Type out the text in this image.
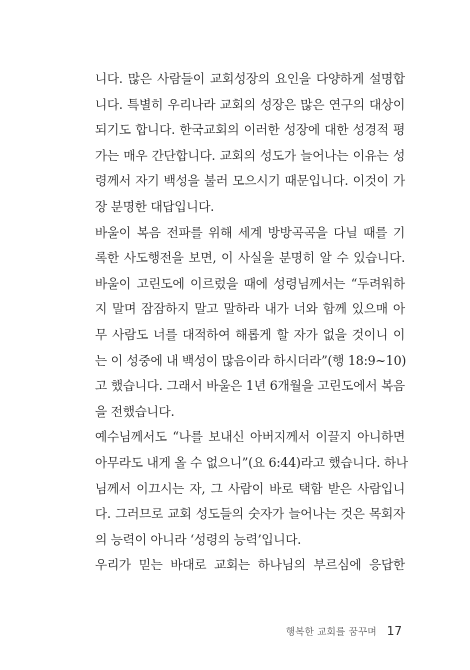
니다. 많은 사람들이 교회성장의 요인을 다양하게 설명합
니다. 특별히 우리나라 교회의 성장은 많은 연구의 대상이
되기도 합니다. 한국교회의 이러한 성장에 대한 성경적 평
가는 매우 간단합니다. 교회의 성도가 늘어나는 이유는 성
령께서 자기 백성을 불러 모으시기 때문입니다. 이것이 가
장 분명한 대답입니다.
바울이 복음 전파를 위해 세계 방방곡곡을 다닐 때를 기
록한 사도행전을 보면, 이 사실을 분명히 알 수 있습니다.
바울이 고린도에 이르렀을 때에 성령님께서는 “두려워하
지 말며 잠잠하지 말고 말하라 내가 너와 함께 있으매 아
무 사람도 너를 대적하여 해롭게 할 자가 없을 것이니 이
는 이 성중에 내 백성이 많음이라 하시더라”(행 18:9~10)
고 했습니다. 그래서 바울은 1년 6개월을 고린도에서 복음
을 전했습니다.
예수님께서도 “나를 보내신 아버지께서 이끌지 아니하면
아무라도 내게 올 수 없으니”(요 6:44)라고 했습니다. 하나
님께서 이끄시는 자, 그 사람이 바로 택함 받은 사람입니
다. 그러므로 교회 성도들의 숫자가 늘어나는 것은 목회자
의 능력이 아니라 ‘성령의 능력’입니다.
우리가 믿는 바대로 교회는 하나님의 부르심에 응답한
행복한 교회를 꿈꾸며 17
